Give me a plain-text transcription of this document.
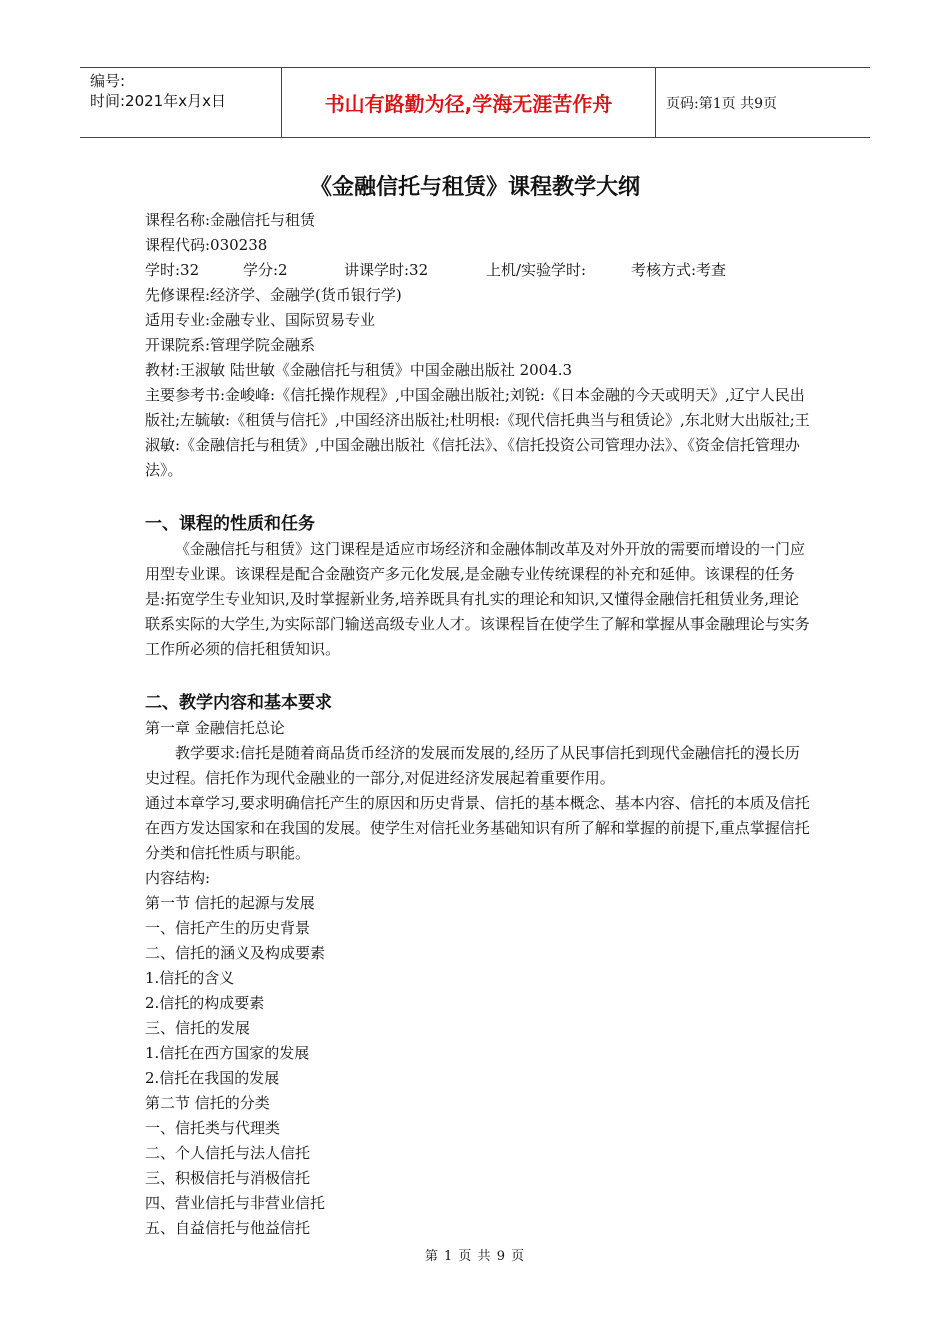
编号:
时间:2021年x月x日	书山有路勤为径,学海无涯苦作舟	页码:第1页 共9页
《金融信托与租赁》课程教学大纲

课程名称:金融信托与租赁

课程代码:030238

学时:32	学分:2	讲课学时:32	上机/实验学时:	考核方式:考查

先修课程:经济学、金融学(货币银行学)

适用专业:金融专业、国际贸易专业

开课院系:管理学院金融系

教材:王淑敏 陆世敏《金融信托与租赁》中国金融出版社 2004.3

主要参考书:金峻峰:《信托操作规程》,中国金融出版社;刘锐:《日本金融的今天或明天》,辽宁人民出版社;左毓敏:《租赁与信托》,中国经济出版社;杜明根:《现代信托典当与租赁论》,东北财大出版社;王淑敏:《金融信托与租赁》,中国金融出版社《信托法》、《信托投资公司管理办法》、《资金信托管理办法》。

一、课程的性质和任务

《金融信托与租赁》这门课程是适应市场经济和金融体制改革及对外开放的需要而增设的一门应用型专业课。该课程是配合金融资产多元化发展,是金融专业传统课程的补充和延伸。该课程的任务是:拓宽学生专业知识,及时掌握新业务,培养既具有扎实的理论和知识,又懂得金融信托租赁业务,理论联系实际的大学生,为实际部门输送高级专业人才。该课程旨在使学生了解和掌握从事金融理论与实务工作所必须的信托租赁知识。

二、教学内容和基本要求

第一章 金融信托总论

教学要求:信托是随着商品货币经济的发展而发展的,经历了从民事信托到现代金融信托的漫长历史过程。信托作为现代金融业的一部分,对促进经济发展起着重要作用。

通过本章学习,要求明确信托产生的原因和历史背景、信托的基本概念、基本内容、信托的本质及信托在西方发达国家和在我国的发展。使学生对信托业务基础知识有所了解和掌握的前提下,重点掌握信托分类和信托性质与职能。

内容结构:

第一节 信托的起源与发展

一、信托产生的历史背景

二、信托的涵义及构成要素

1.信托的含义

2.信托的构成要素

三、信托的发展

1.信托在西方国家的发展

2.信托在我国的发展

第二节 信托的分类

一、信托类与代理类

二、个人信托与法人信托

三、积极信托与消极信托

四、营业信托与非营业信托

五、自益信托与他益信托

第 1 页 共 9 页
